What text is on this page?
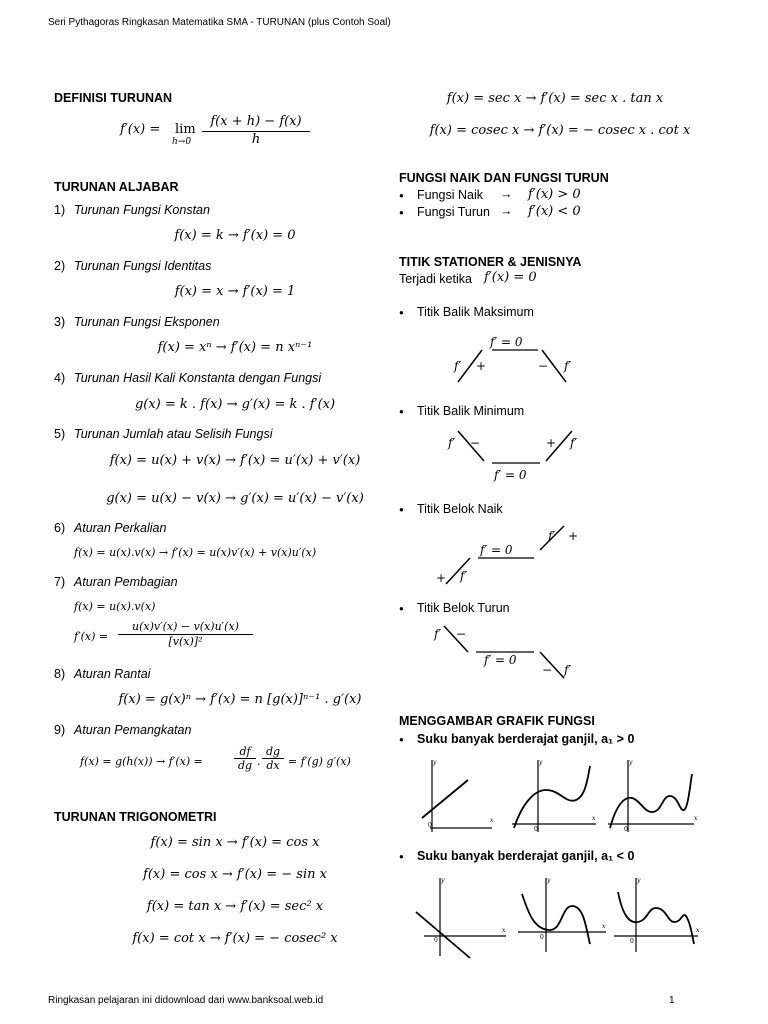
Seri Pythagoras Ringkasan Matematika SMA - TURUNAN (plus Contoh Soal)
DEFINISI TURUNAN
f′(x) = lim
h→0
f(x + h) − f(x)
h
TURUNAN ALJABAR
1) Turunan Fungsi Konstan
f(x) = k → f′(x) = 0
2) Turunan Fungsi Identitas
f(x) = x → f′(x) = 1
3) Turunan Fungsi Eksponen
f(x) = xⁿ → f′(x) = n xⁿ⁻¹
4) Turunan Hasil Kali Konstanta dengan Fungsi
g(x) = k . f(x) → g′(x) = k . f′(x)
5) Turunan Jumlah atau Selisih Fungsi
f(x) = u(x) + v(x) → f′(x) = u′(x) + v′(x)
g(x) = u(x) − v(x) → g′(x) = u′(x) − v′(x)
6) Aturan Perkalian
f(x) = u(x).v(x) → f′(x) = u(x)v′(x) + v(x)u′(x)
7) Aturan Pembagian
f(x) = u(x).v(x)
f′(x) =
u(x)v′(x) − v(x)u′(x)
[v(x)]²
8) Aturan Rantai
f(x) = g(x)ⁿ → f′(x) = n [g(x)]ⁿ⁻¹ . g′(x)
9) Aturan Pemangkatan
f(x) = g(h(x)) → f′(x) =
df
dg .
dg
dx = f′(g) g′(x)
TURUNAN TRIGONOMETRI
f(x) = sin x → f′(x) = cos x
f(x) = cos x → f′(x) = − sin x
f(x) = tan x → f′(x) = sec² x
f(x) = cot x → f′(x) = − cosec² x
f(x) = sec x → f′(x) = sec x . tan x
f(x) = cosec x → f′(x) = − cosec x . cot x
FUNGSI NAIK DAN FUNGSI TURUN
● Fungsi Naik → f′(x) > 0
● Fungsi Turun → f′(x) < 0
TITIK STATIONER & JENISNYA
Terjadi ketika f′(x) = 0
● Titik Balik Maksimum
f′ = 0
f′ +	− f′
● Titik Balik Minimum
f′ −	+ f′
f′ = 0
● Titik Belok Naik
f′ = 0
f′ +
+ f′
● Titik Belok Turun
f′ −
f′ = 0
− f′
MENGGAMBAR GRAFIK FUNGSI
● Suku banyak berderajat ganjil, a₁ > 0
y
x
0
y
x
0
y
x
0
● Suku banyak berderajat ganjil, a₁ < 0
y
x
0
y
x
0
y
x
0
Ringkasan pelajaran ini didownload dari www.banksoal.web.id	1
